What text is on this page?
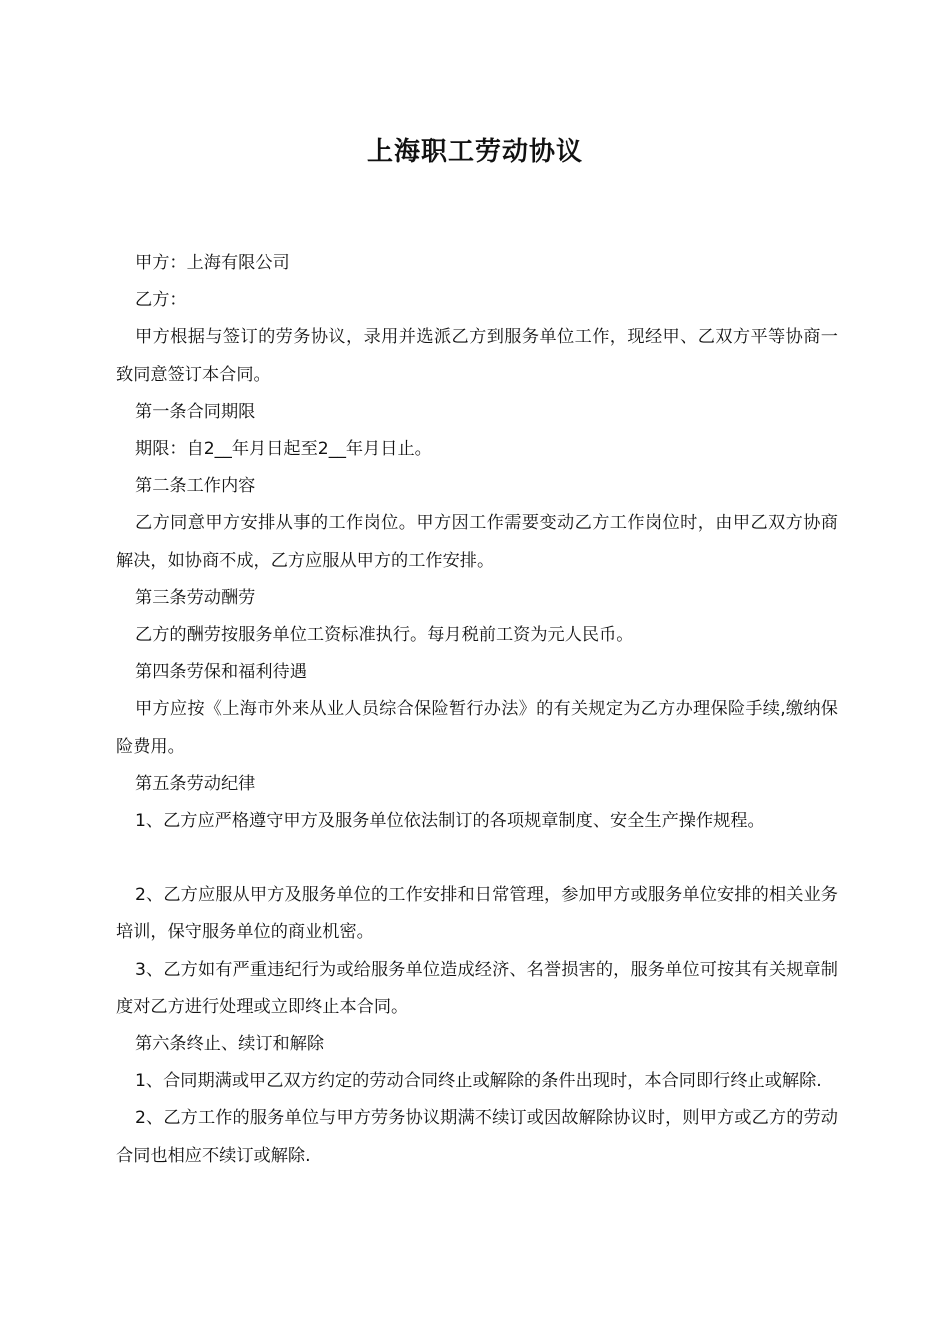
上海职工劳动协议

甲方：上海有限公司

乙方：

甲方根据与签订的劳务协议，录用并选派乙方到服务单位工作，现经甲、乙双方平等协商一致同意签订本合同。

第一条合同期限

期限：自2__年月日起至2__年月日止。

第二条工作内容

乙方同意甲方安排从事的工作岗位。甲方因工作需要变动乙方工作岗位时，由甲乙双方协商解决，如协商不成，乙方应服从甲方的工作安排。

第三条劳动酬劳

乙方的酬劳按服务单位工资标准执行。每月税前工资为元人民币。

第四条劳保和福利待遇

甲方应按《上海市外来从业人员综合保险暂行办法》的有关规定为乙方办理保险手续,缴纳保险费用。

第五条劳动纪律

1、乙方应严格遵守甲方及服务单位依法制订的各项规章制度、安全生产操作规程。

2、乙方应服从甲方及服务单位的工作安排和日常管理，参加甲方或服务单位安排的相关业务培训，保守服务单位的商业机密。

3、乙方如有严重违纪行为或给服务单位造成经济、名誉损害的，服务单位可按其有关规章制度对乙方进行处理或立即终止本合同。

第六条终止、续订和解除

1、合同期满或甲乙双方约定的劳动合同终止或解除的条件出现时，本合同即行终止或解除.

2、乙方工作的服务单位与甲方劳务协议期满不续订或因故解除协议时，则甲方或乙方的劳动合同也相应不续订或解除.
